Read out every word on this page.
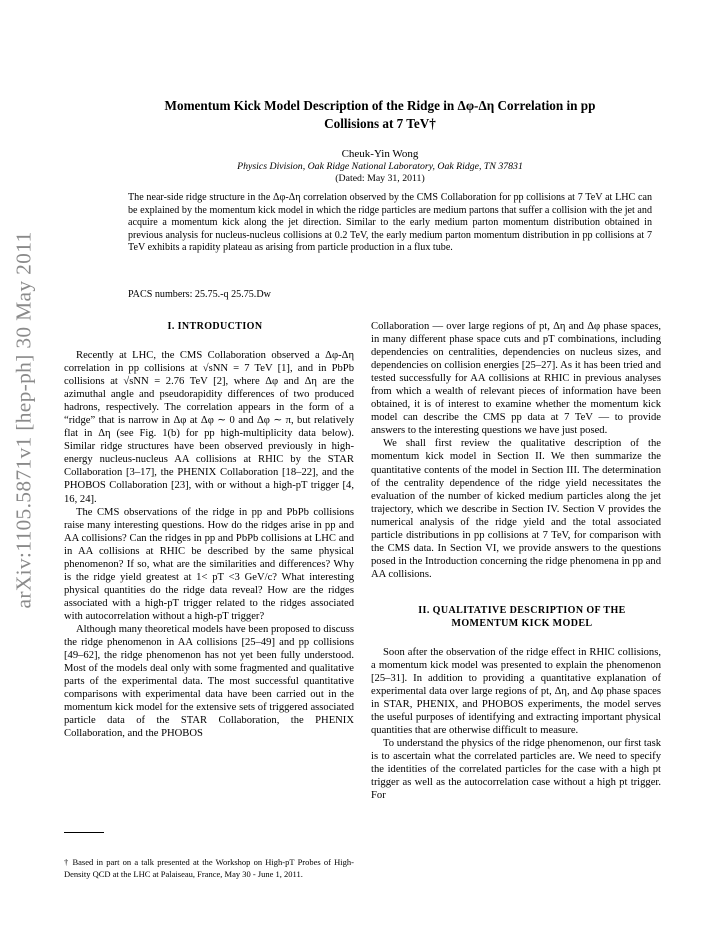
arXiv:1105.5871v1 [hep-ph] 30 May 2011
Momentum Kick Model Description of the Ridge in Δφ-Δη Correlation in pp
Collisions at 7 TeV†
Cheuk-Yin Wong
Physics Division, Oak Ridge National Laboratory, Oak Ridge, TN 37831
(Dated: May 31, 2011)
The near-side ridge structure in the Δφ-Δη correlation observed by the CMS Collaboration for pp collisions at 7 TeV at LHC can be explained by the momentum kick model in which the ridge particles are medium partons that suffer a collision with the jet and acquire a momentum kick along the jet direction. Similar to the early medium parton momentum distribution obtained in previous analysis for nucleus-nucleus collisions at 0.2 TeV, the early medium parton momentum distribution in pp collisions at 7 TeV exhibits a rapidity plateau as arising from particle production in a flux tube.
PACS numbers: 25.75.-q 25.75.Dw

I. INTRODUCTION

Recently at LHC, the CMS Collaboration observed a Δφ-Δη correlation in pp collisions at √sNN = 7 TeV [1], and in PbPb collisions at √sNN = 2.76 TeV [2], where Δφ and Δη are the azimuthal angle and pseudorapidity differences of two produced hadrons, respectively. The correlation appears in the form of a “ridge” that is narrow in Δφ at Δφ ∼ 0 and Δφ ∼ π, but relatively flat in Δη (see Fig. 1(b) for pp high-multiplicity data below). Similar ridge structures have been observed previously in high-energy nucleus-nucleus AA collisions at RHIC by the STAR Collaboration [3–17], the PHENIX Collaboration [18–22], and the PHOBOS Collaboration [23], with or without a high-pT trigger [4, 16, 24].

The CMS observations of the ridge in pp and PbPb collisions raise many interesting questions. How do the ridges arise in pp and AA collisions? Can the ridges in pp and PbPb collisions at LHC and in AA collisions at RHIC be described by the same physical phenomenon? If so, what are the similarities and differences? Why is the ridge yield greatest at 1< pT <3 GeV/c? What interesting physical quantities do the ridge data reveal? How are the ridges associated with a high-pT trigger related to the ridges associated with autocorrelation without a high-pT trigger?

Although many theoretical models have been proposed to discuss the ridge phenomenon in AA collisions [25–49] and pp collisions [49–62], the ridge phenomenon has not yet been fully understood. Most of the models deal only with some fragmented and qualitative parts of the experimental data. The most successful quantitative comparisons with experimental data have been carried out in the momentum kick model for the extensive sets of triggered associated particle data of the STAR Collaboration, the PHENIX Collaboration, and the PHOBOS

Collaboration — over large regions of pt, Δη and Δφ phase spaces, in many different phase space cuts and pT combinations, including dependencies on centralities, dependencies on nucleus sizes, and dependencies on collision energies [25–27]. As it has been tried and tested successfully for AA collisions at RHIC in previous analyses from which a wealth of relevant pieces of information have been obtained, it is of interest to examine whether the momentum kick model can describe the CMS pp data at 7 TeV — to provide answers to the interesting questions we have just posed.

We shall first review the qualitative description of the momentum kick model in Section II. We then summarize the quantitative contents of the model in Section III. The determination of the centrality dependence of the ridge yield necessitates the evaluation of the number of kicked medium particles along the jet trajectory, which we describe in Section IV. Section V provides the numerical analysis of the ridge yield and the total associated particle distributions in pp collisions at 7 TeV, for comparison with the CMS data. In Section VI, we provide answers to the questions posed in the Introduction concerning the ridge phenomena in pp and AA collisions.

II. QUALITATIVE DESCRIPTION OF THE

MOMENTUM KICK MODEL

Soon after the observation of the ridge effect in RHIC collisions, a momentum kick model was presented to explain the phenomenon [25–31]. In addition to providing a quantitative explanation of experimental data over large regions of pt, Δη, and Δφ phase spaces in STAR, PHENIX, and PHOBOS experiments, the model serves the useful purposes of identifying and extracting important physical quantities that are otherwise difficult to measure.

To understand the physics of the ridge phenomenon, our first task is to ascertain what the correlated particles are. We need to specify the identities of the correlated particles for the case with a high pt trigger as well as the autocorrelation case without a high pt trigger. For

† Based in part on a talk presented at the Workshop on High-pT Probes of High-Density QCD at the LHC at Palaiseau, France, May 30 - June 1, 2011.
